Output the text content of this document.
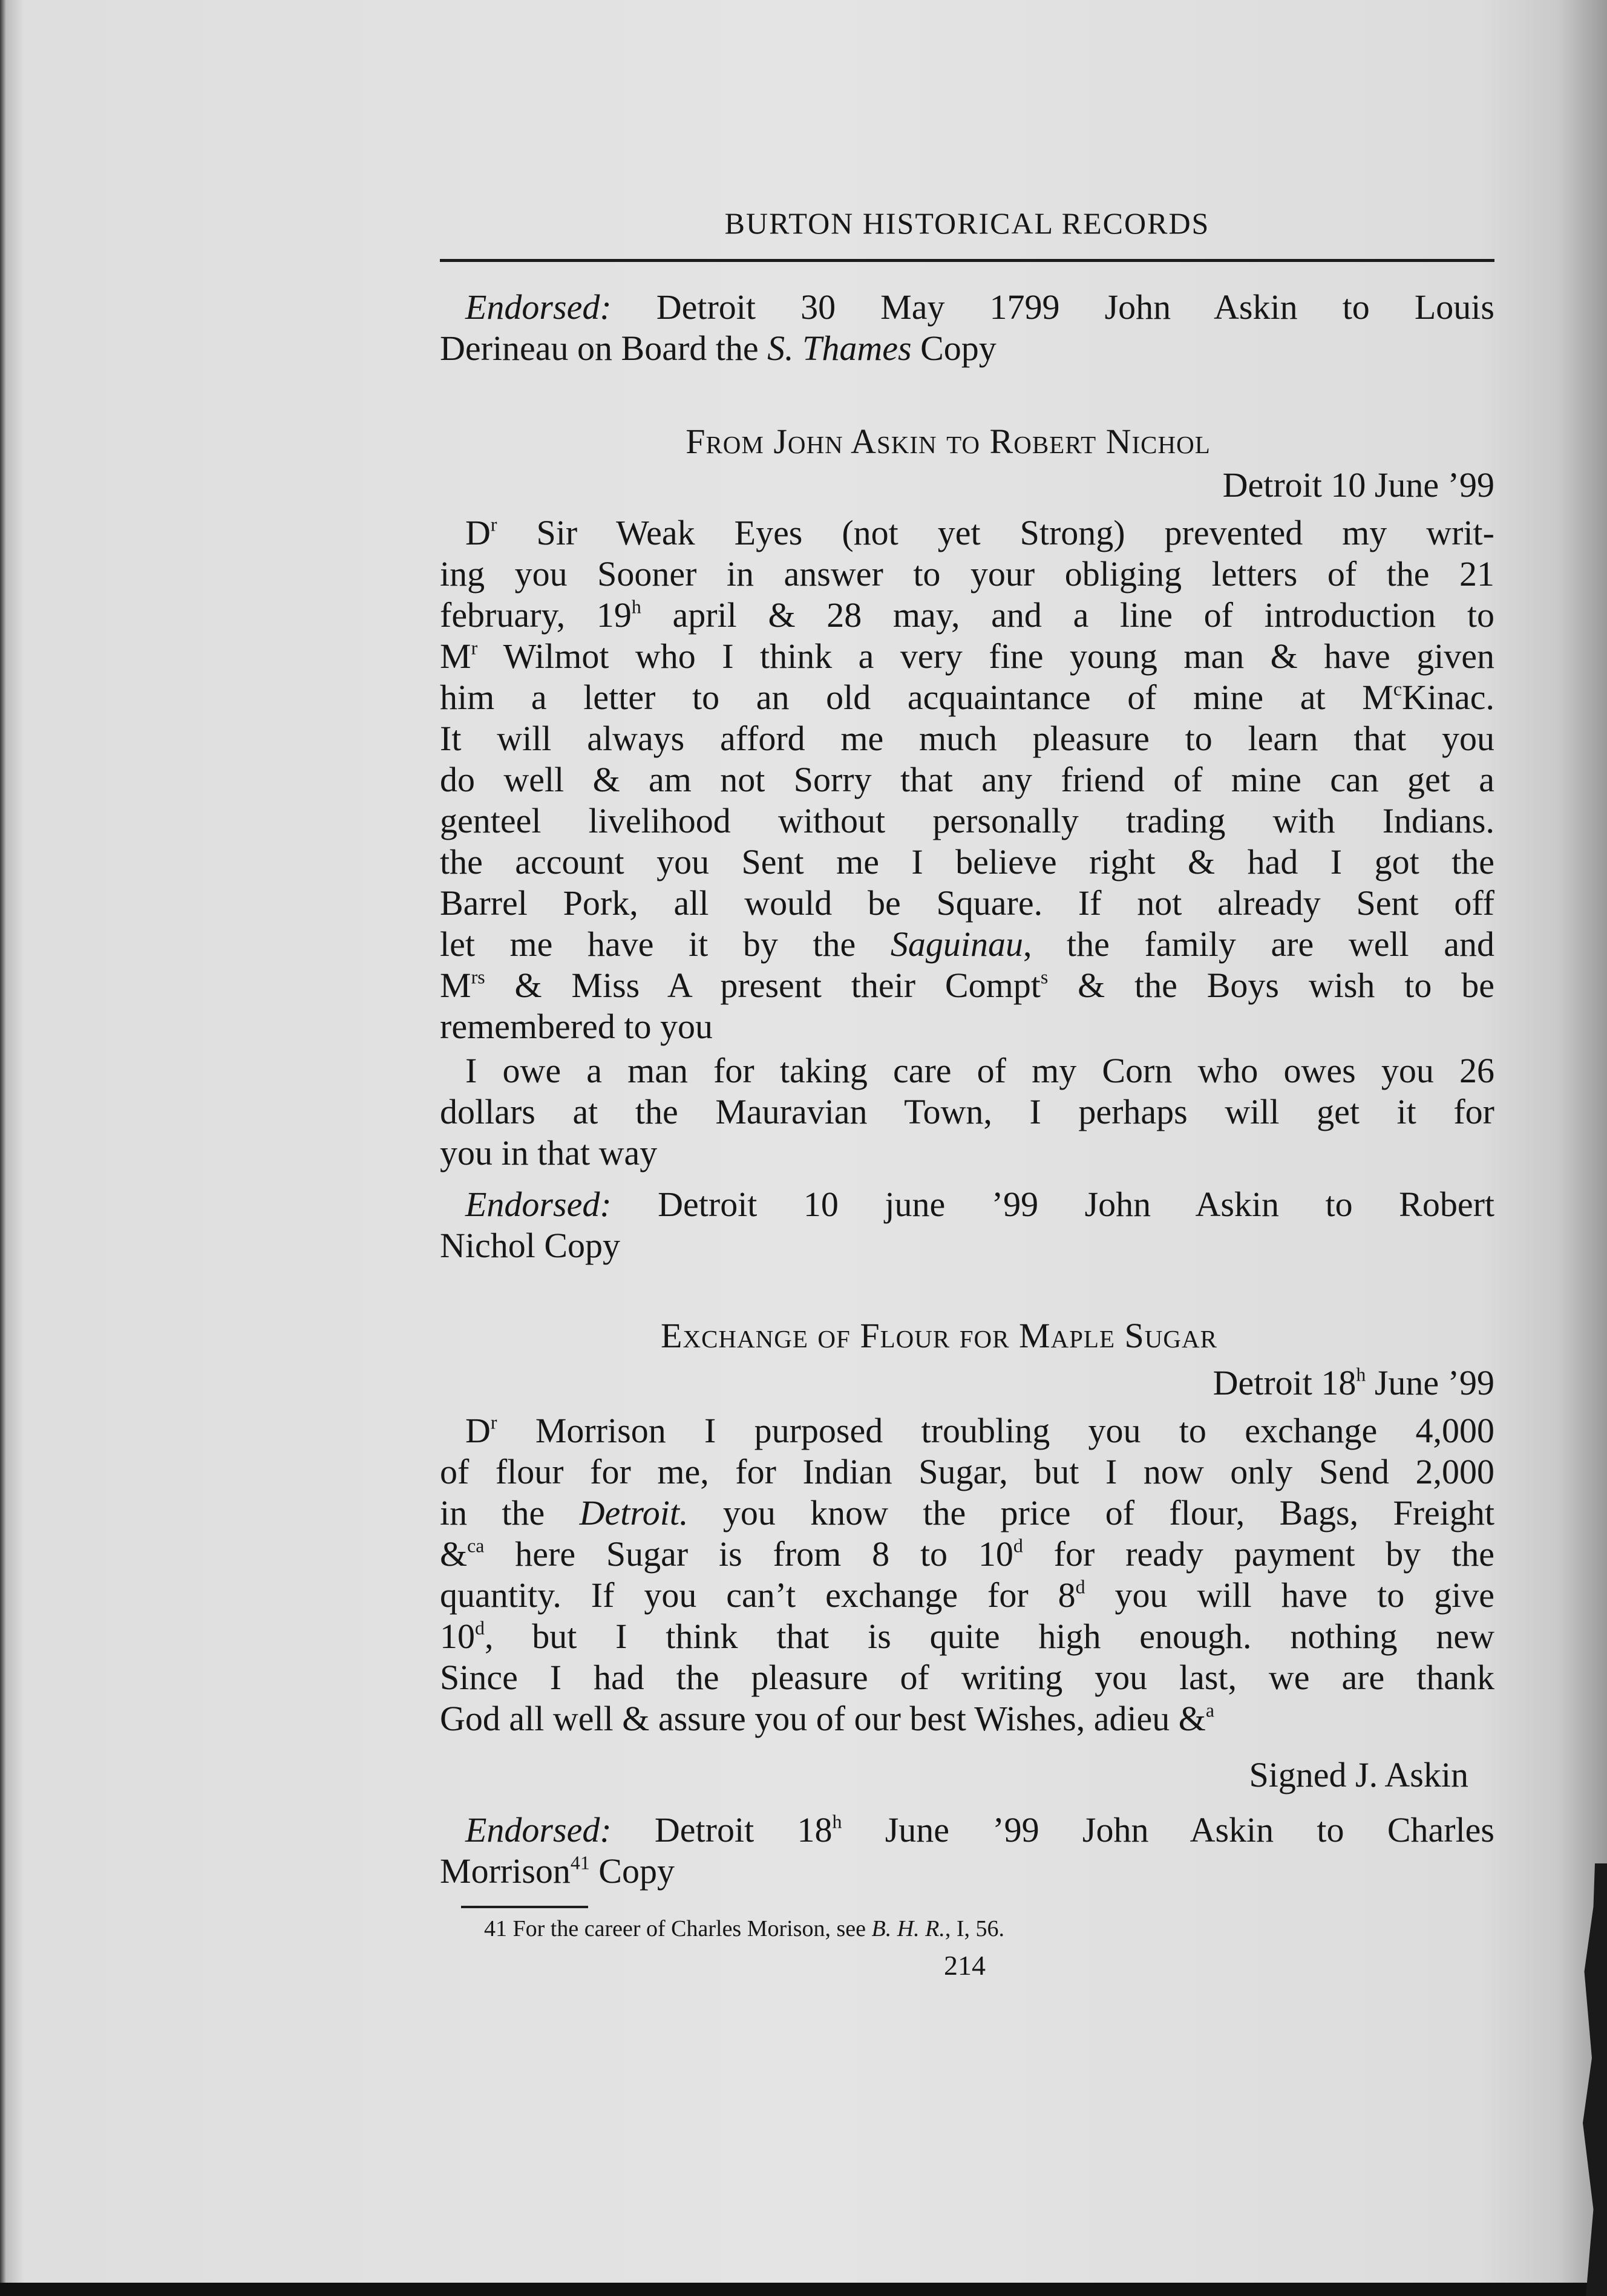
BURTON HISTORICAL RECORDS
Endorsed: Detroit 30 May 1799 John Askin to Louis
Derineau on Board the S. Thames Copy
From John Askin to Robert Nichol
Detroit 10 June ’99
$D^r$ Sir Weak Eyes (not yet Strong) prevented my writ-
ing you Sooner in answer to your obliging letters of the 21
february, 19$^h$ april & 28 may, and a line of introduction to
$M^r$ Wilmot who I think a very fine young man & have given
him a letter to an old acquaintance of mine at $M^cKinac$.
It will always afford me much pleasure to learn that you
do well & am not Sorry that any friend of mine can get a
genteel livelihood without personally trading with Indians.
the account you Sent me I believe right & had I got the
Barrel Pork, all would be Square. If not already Sent off
let me have it by the Saguinau, the family are well and
$M^{rs}$ & Miss A present their Compt$^s$ & the Boys wish to be
remembered to you
I owe a man for taking care of my Corn who owes you 26
dollars at the Mauravian Town, I perhaps will get it for
you in that way
Endorsed: Detroit 10 june ’99 John Askin to Robert
Nichol Copy
Exchange of Flour for Maple Sugar
Detroit 18$^h$ June ’99
$D^r$ Morrison I purposed troubling you to exchange 4,000
of flour for me, for Indian Sugar, but I now only Send 2,000
in the Detroit. you know the price of flour, Bags, Freight
&$^{ca}$ here Sugar is from 8 to 10$^d$ for ready payment by the
quantity. If you can’t exchange for 8$^d$ you will have to give
10$^d$, but I think that is quite high enough. nothing new
Since I had the pleasure of writing you last, we are thank
God all well & assure you of our best Wishes, adieu &$^a$
Signed J. Askin
Endorsed: Detroit 18$^h$ June ’99 John Askin to Charles
Morrison$^{41}$ Copy
41 For the career of Charles Morison, see B. H. R., I, 56.
214
